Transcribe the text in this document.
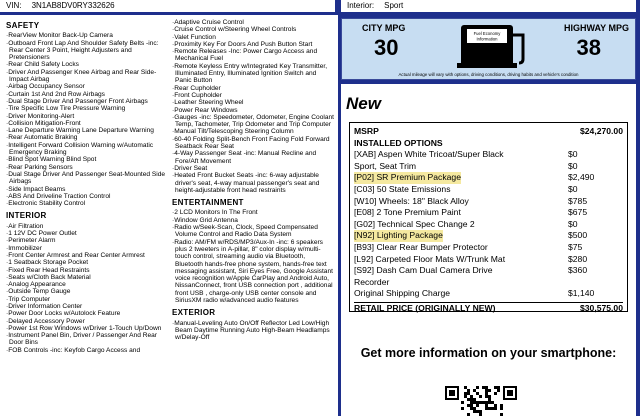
VIN: 3N1AB8DV0RY332626	Interior: Sport
SAFETY
· RearView Monitor Back-Up Camera
· Outboard Front Lap And Shoulder Safety Belts -inc: Rear Center 3 Point, Height Adjusters and Pretensioners
· Rear Child Safety Locks
· Driver And Passenger Knee Airbag and Rear Side-Impact Airbag
· Airbag Occupancy Sensor
· Curtain 1st And 2nd Row Airbags
· Dual Stage Driver And Passenger Front Airbags
· Tire Specific Low Tire Pressure Warning
· Driver Monitoring-Alert
· Collision Mitigation-Front
· Lane Departure Warning Lane Departure Warning
· Rear Automatic Braking
· Intelligent Forward Collision Warning w/Automatic Emergency Braking
· Blind Spot Warning Blind Spot
· Rear Parking Sensors
· Dual Stage Driver And Passenger Seat-Mounted Side Airbags
· Side Impact Beams
· ABS And Driveline Traction Control
· Electronic Stability Control
INTERIOR
· Air Filtration
· 1 12V DC Power Outlet
· Perimeter Alarm
· Immobilizer
· Front Center Armrest and Rear Center Armrest
· 1 Seatback Storage Pocket
· Fixed Rear Head Restraints
· Seats w/Cloth Back Material
· Analog Appearance
· Outside Temp Gauge
· Trip Computer
· Driver Information Center
· Power Door Locks w/Autolock Feature
· Delayed Accessory Power
· Power 1st Row Windows w/Driver 1-Touch Up/Down
· Instrument Panel Bin, Driver / Passenger And Rear Door Bins
· FOB Controls -inc: Keyfob Cargo Access and
· Adaptive Cruise Control
· Cruise Control w/Steering Wheel Controls
· Valet Function
· Proximity Key For Doors And Push Button Start
· Remote Releases -Inc: Power Cargo Access and Mechanical Fuel
· Remote Keyless Entry w/Integrated Key Transmitter, Illuminated Entry, Illuminated Ignition Switch and Panic Button
· Rear Cupholder
· Front Cupholder
· Leather Steering Wheel
· Power Rear Windows
· Gauges -inc: Speedometer, Odometer, Engine Coolant Temp, Tachometer, Trip Odometer and Trip Computer
· Manual Tilt/Telescoping Steering Column
· 60-40 Folding Split-Bench Front Facing Fold Forward Seatback Rear Seat
· 4-Way Passenger Seat -inc: Manual Recline and Fore/Aft Movement
· Driver Seat
· Heated Front Bucket Seats -inc: 6-way adjustable driver's seat, 4-way manual passenger's seat and height-adjustable front head restraints
ENTERTAINMENT
· 2 LCD Monitors In The Front
· Window Grid Antenna
· Radio w/Seek-Scan, Clock, Speed Compensated Volume Control and Radio Data System
· Radio: AM/FM w/RDS/MP3/Aux-In -inc: 6 speakers plus 2 tweeters in A-pillar, 8" color display w/multi-touch control, streaming audio via Bluetooth, Bluetooth hands-free phone system, hands-free text messaging assistant, Siri Eyes Free, Google Assistant voice recognition w/Apple CarPlay and Android Auto, NissanConnect, front USB connection port , additional front USB , charge-only USB center console and SiriusXM radio w/advanced audio features
EXTERIOR
· Manual-Leveling Auto On/Off Reflector Led Low/High Beam Daytime Running Auto High-Beam Headlamps w/Delay-Off
CITY MPG
30
Fuel Economy
Information
HIGHWAY MPG
38
Actual mileage will vary with options, driving conditions, driving habits and vehicle's condition
New
MSRP	$24,270.00
INSTALLED OPTIONS
[XAB] Aspen White Tricoat/Super Black	$0
Sport, Seat Trim	$0
[P02] SR Premium Package	$2,490
[C03] 50 State Emissions	$0
[W10] Wheels: 18" Black Alloy	$785
[E08] 2 Tone Premium Paint	$675
[G02] Technical Spec Change 2	$0
[N92] Lighting Package	$500
[B93] Clear Rear Bumper Protector	$75
[L92] Carpeted Floor Mats W/Trunk Mat	$280
[S92] Dash Cam Dual Camera Drive	$360
Recorder
Original Shipping Charge	$1,140
RETAIL PRICE (ORIGINALLY NEW)	$30,575.00
Get more information on your smartphone:
